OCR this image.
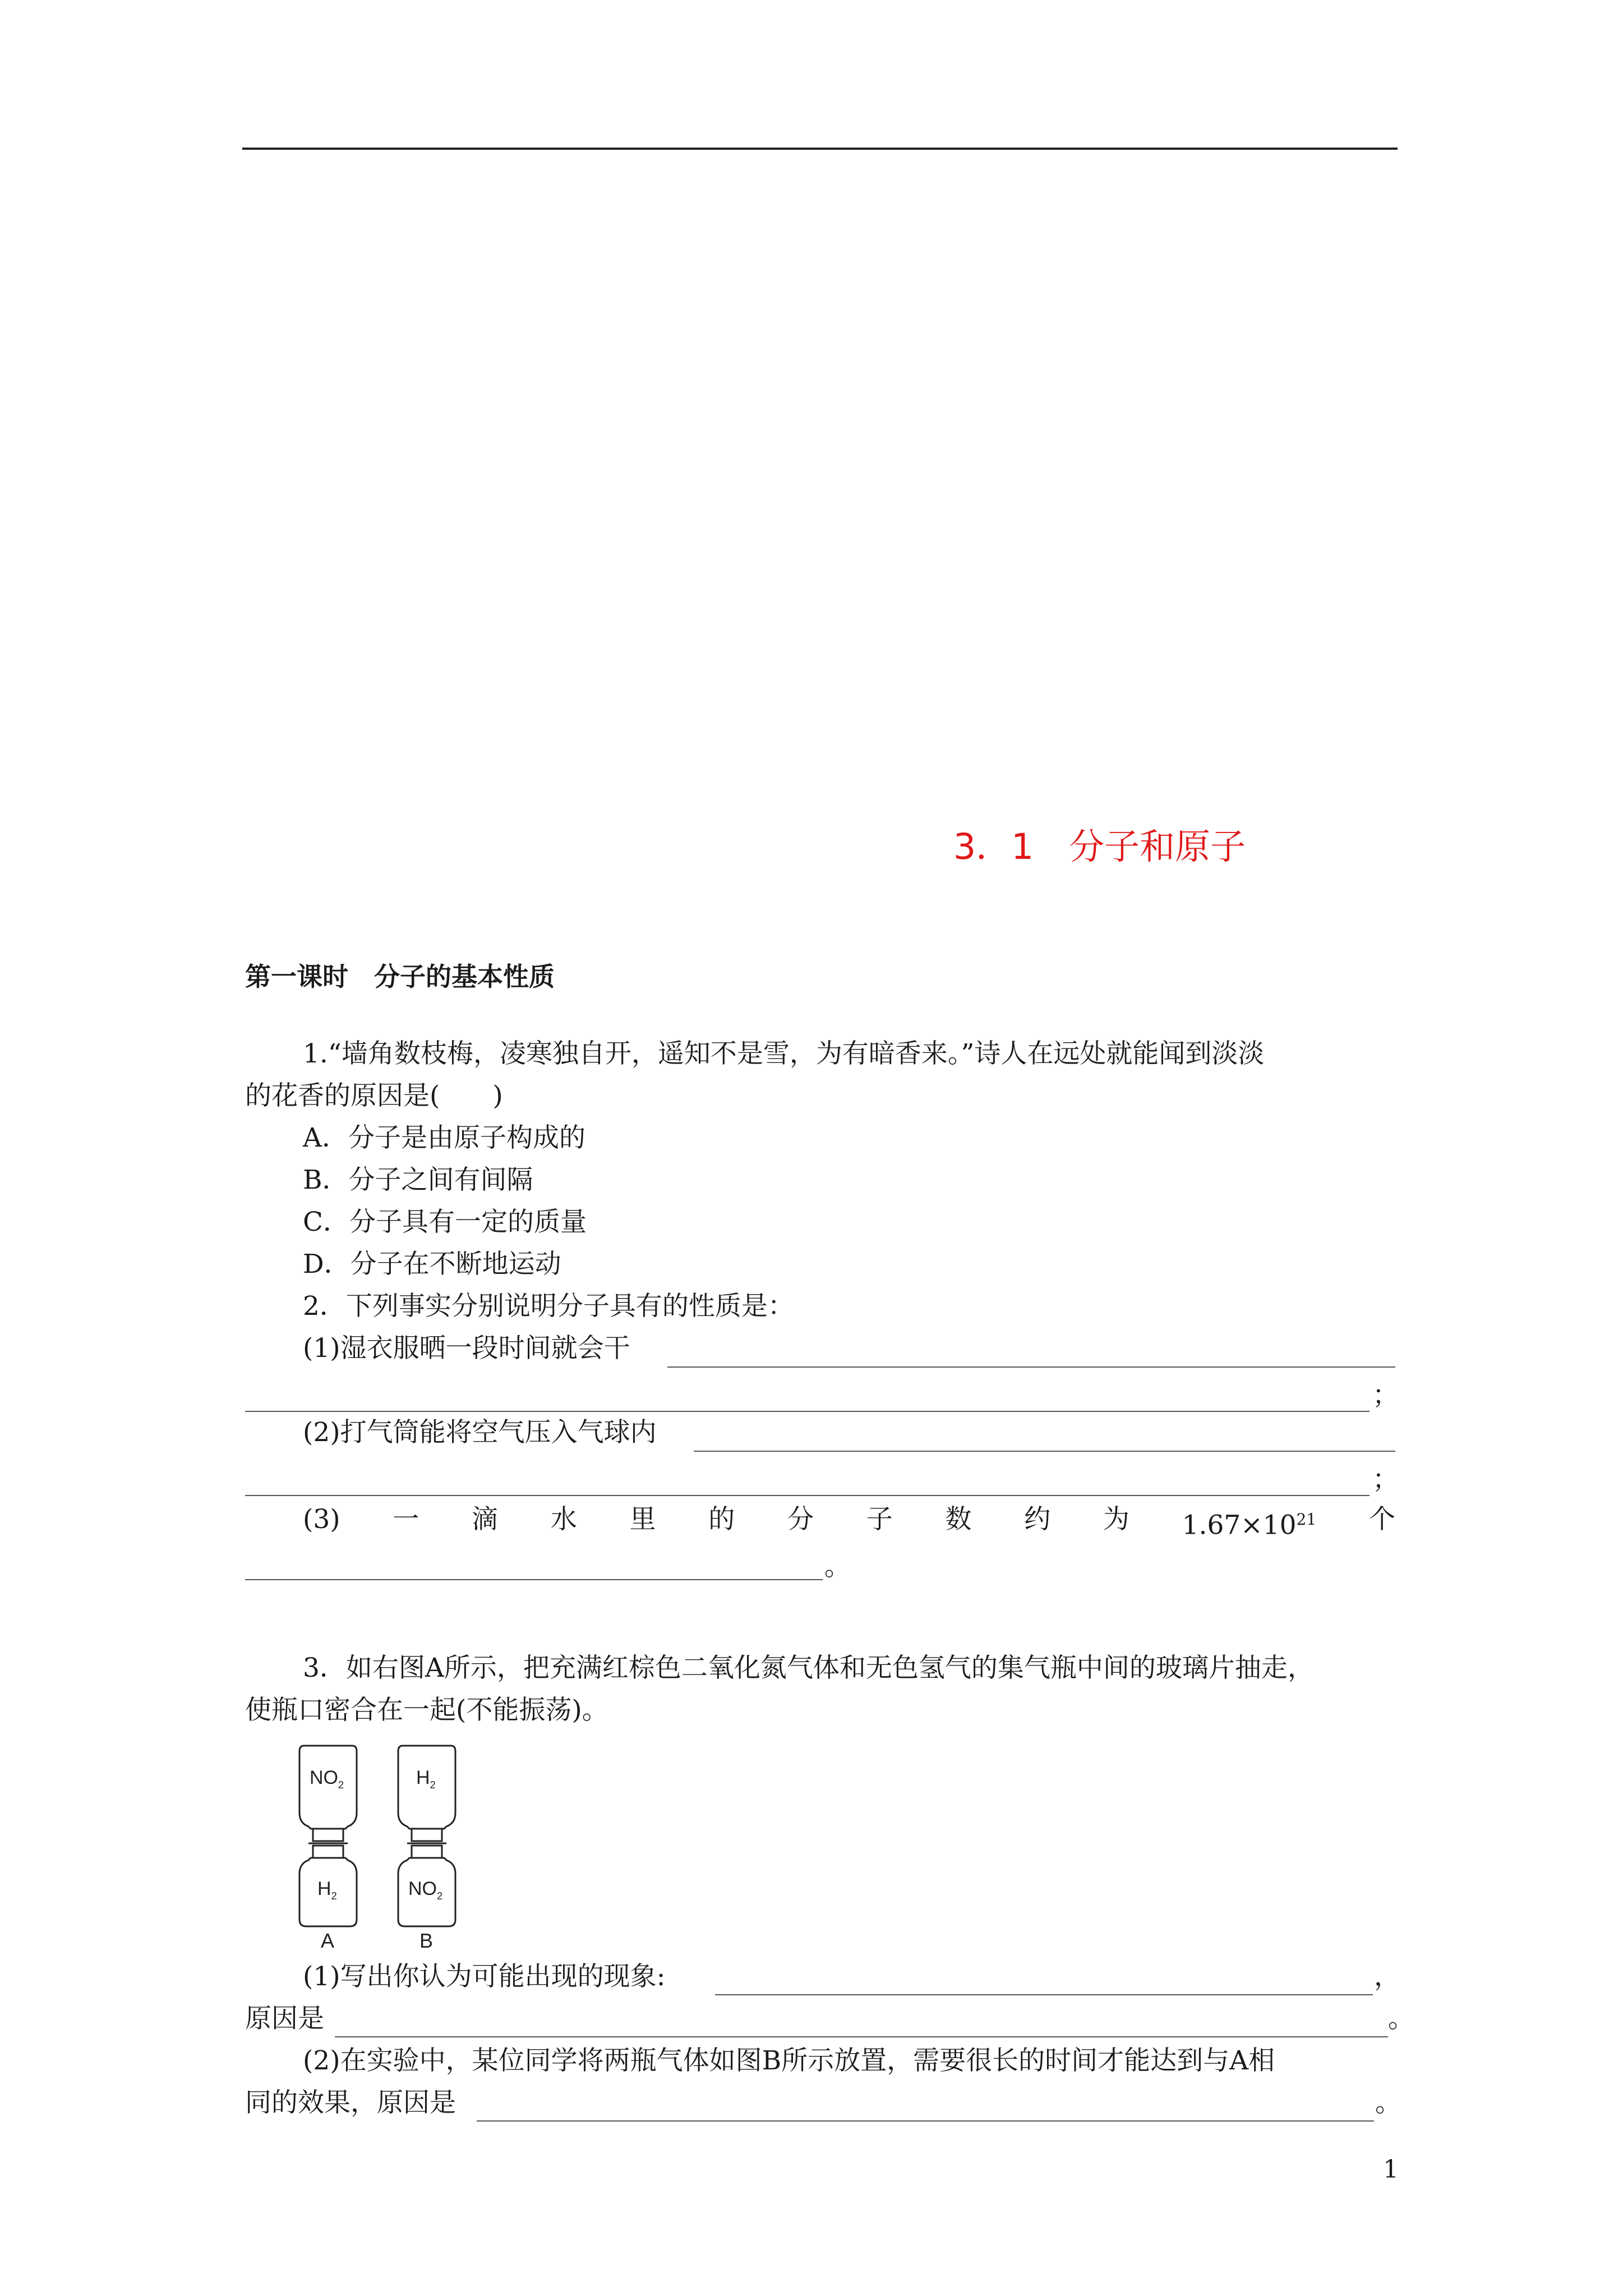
3．1　分子和原子
第一课时　分子的基本性质
1.“墙角数枝梅，凌寒独自开，遥知不是雪，为有暗香来。”诗人在远处就能闻到淡淡
的花香的原因是(　　)
A．分子是由原子构成的
B．分子之间有间隔
C．分子具有一定的质量
D．分子在不断地运动
2．下列事实分别说明分子具有的性质是：
(1)湿衣服晒一段时间就会干
；
(2)打气筒能将空气压入气球内
；
(3) 一 滴 水 里 的 分 子 数 约 为 $1.67\times 10^{21}$ 个
。
3．如右图A所示，把充满红棕色二氧化氮气体和无色氢气的集气瓶中间的玻璃片抽走，
使瓶口密合在一起(不能振荡)。
$NO_2$
$H_2$
$H_2$
$NO_2$
A	B
(1)写出你认为可能出现的现象:	，
原因是	。
(2)在实验中，某位同学将两瓶气体如图B所示放置，需要很长的时间才能达到与A相
同的效果，原因是	。
1
